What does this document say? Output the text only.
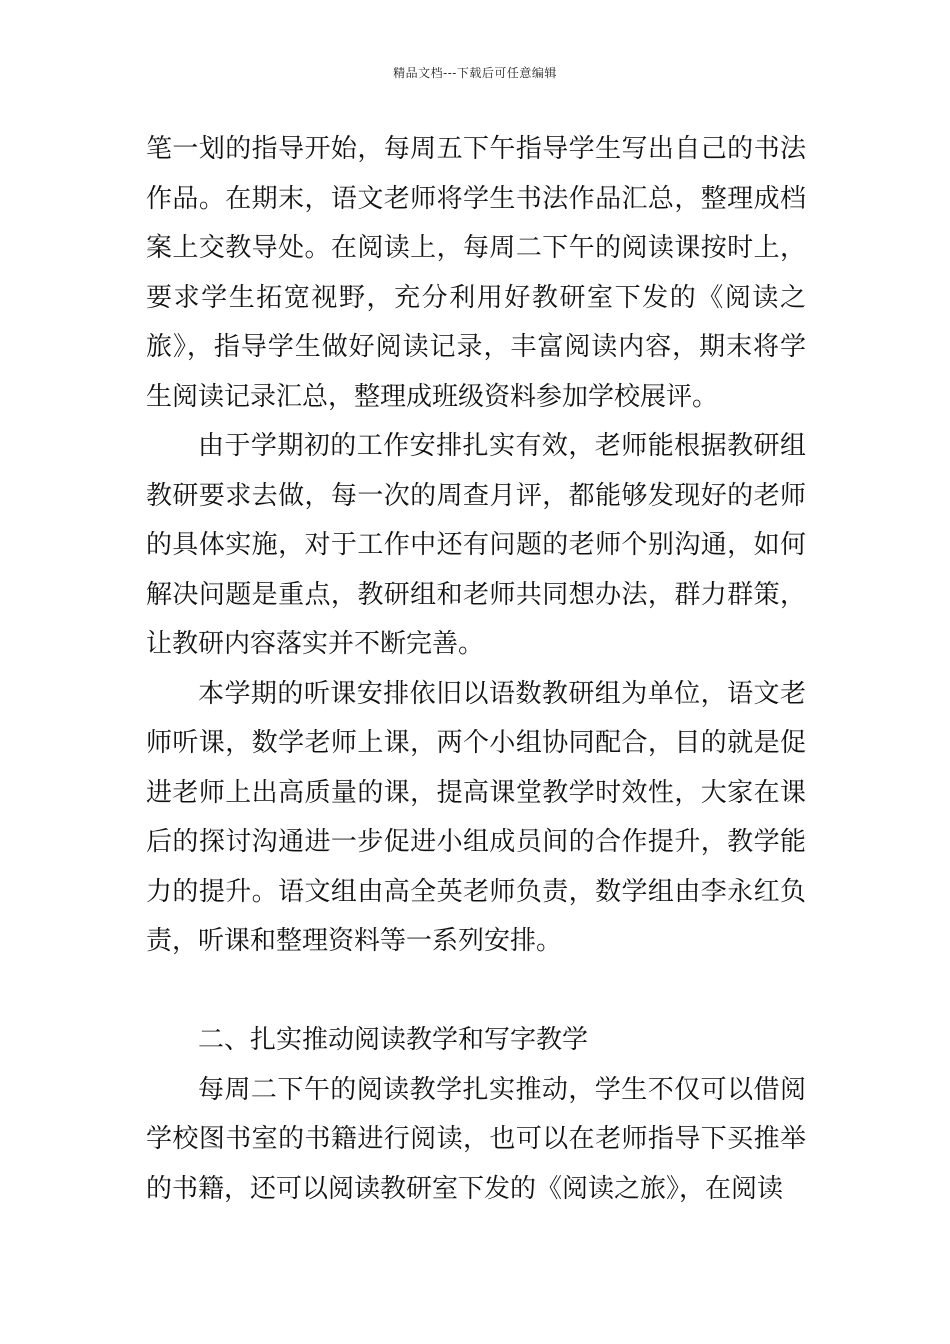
精品文档---下载后可任意编辑

笔一划的指导开始，每周五下午指导学生写出自己的书法作品。在期末，语文老师将学生书法作品汇总，整理成档案上交教导处。在阅读上，每周二下午的阅读课按时上，要求学生拓宽视野，充分利用好教研室下发的《阅读之旅》，指导学生做好阅读记录，丰富阅读内容，期末将学生阅读记录汇总，整理成班级资料参加学校展评。

由于学期初的工作安排扎实有效，老师能根据教研组教研要求去做，每一次的周查月评，都能够发现好的老师的具体实施，对于工作中还有问题的老师个别沟通，如何解决问题是重点，教研组和老师共同想办法，群力群策，让教研内容落实并不断完善。

本学期的听课安排依旧以语数教研组为单位，语文老师听课，数学老师上课，两个小组协同配合，目的就是促进老师上出高质量的课，提高课堂教学时效性，大家在课后的探讨沟通进一步促进小组成员间的合作提升，教学能力的提升。语文组由高全英老师负责，数学组由李永红负责，听课和整理资料等一系列安排。

二、扎实推动阅读教学和写字教学

每周二下午的阅读教学扎实推动，学生不仅可以借阅学校图书室的书籍进行阅读，也可以在老师指导下买推举的书籍，还可以阅读教研室下发的《阅读之旅》，在阅读
